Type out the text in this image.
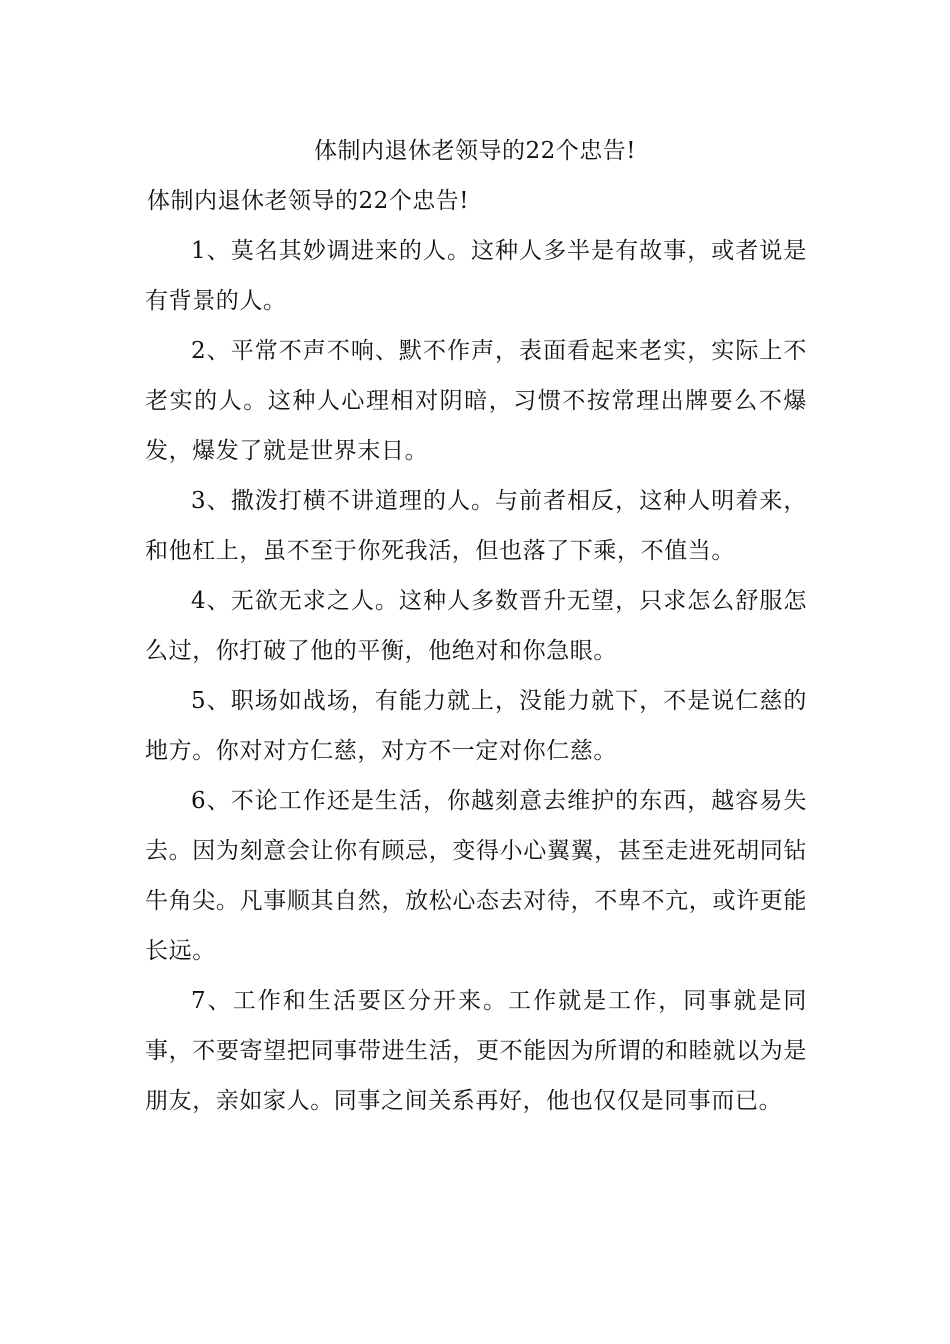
体制内退休老领导的22个忠告!
体制内退休老领导的22个忠告!

1、莫名其妙调进来的人。这种人多半是有故事，或者说是有背景的人。

2、平常不声不响、默不作声，表面看起来老实，实际上不老实的人。这种人心理相对阴暗，习惯不按常理出牌要么不爆发，爆发了就是世界末日。

3、撒泼打横不讲道理的人。与前者相反，这种人明着来，和他杠上，虽不至于你死我活，但也落了下乘，不值当。

4、无欲无求之人。这种人多数晋升无望，只求怎么舒服怎么过，你打破了他的平衡，他绝对和你急眼。

5、职场如战场，有能力就上，没能力就下，不是说仁慈的地方。你对对方仁慈，对方不一定对你仁慈。

6、不论工作还是生活，你越刻意去维护的东西，越容易失去。因为刻意会让你有顾忌，变得小心翼翼，甚至走进死胡同钻牛角尖。凡事顺其自然，放松心态去对待，不卑不亢，或许更能长远。

7、工作和生活要区分开来。工作就是工作，同事就是同事，不要寄望把同事带进生活，更不能因为所谓的和睦就以为是朋友，亲如家人。同事之间关系再好，他也仅仅是同事而已。
